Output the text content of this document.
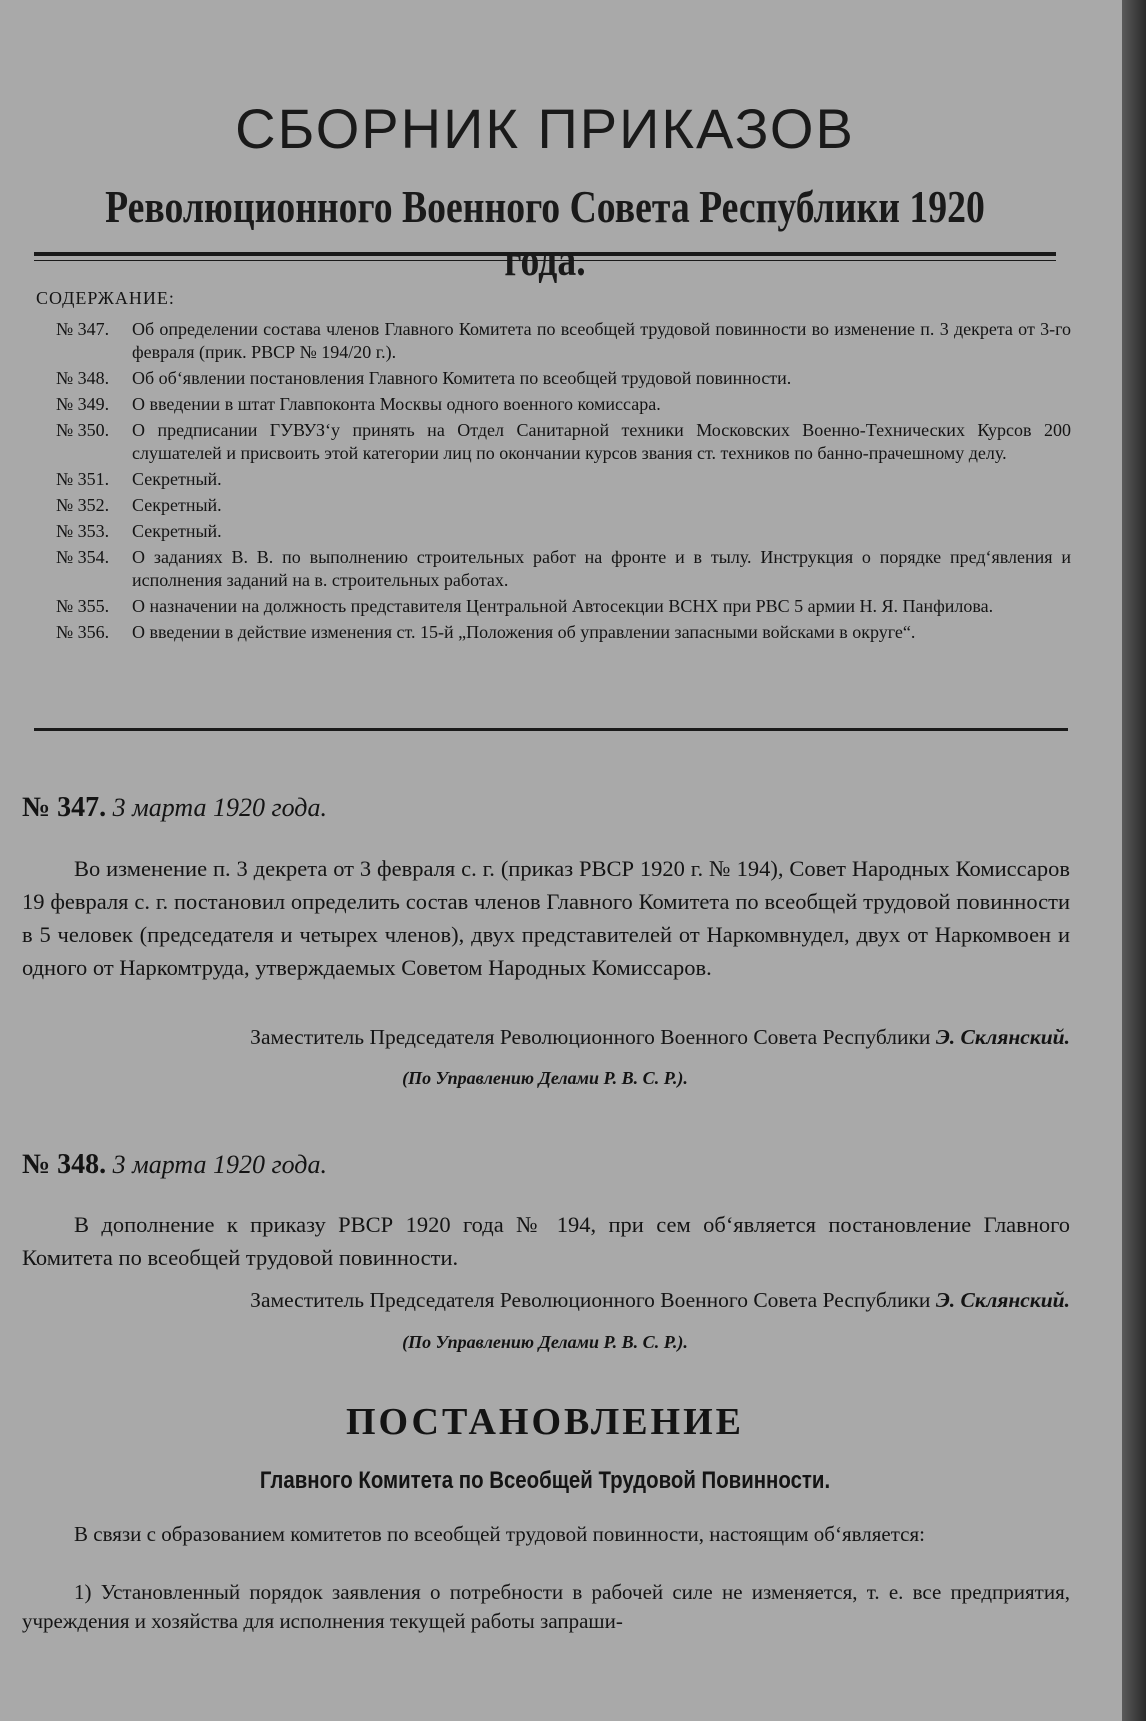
СБОРНИК ПРИКАЗОВ
Революционного Военного Совета Республики 1920
СОДЕРЖАНИЕ:
№ 347.	Об определении состава членов Главного Комитета по всеобщей трудовой повинности во изменение п. 3 декрета от 3-го февраля (прик. РВСР № 194/20 г.).
№ 348.	Об об‘явлении постановления Главного Комитета по всеобщей трудовой повинности.
№ 349.	О введении в штат Главпоконта Москвы одного военного комиссара.
№ 350.	О предписании ГУВУЗ‘у принять на Отдел Санитарной техники Московских Военно-Технических Курсов 200 слушателей и присвоить этой категории лиц по окончании курсов звания ст. техников по банно-прачешному делу.
№ 351.	Секретный.
№ 352.	Секретный.
№ 353.	Секретный.
№ 354.	О заданиях В. В. по выполнению строительных работ на фронте и в тылу. Инструкция о порядке пред‘явления и исполнения заданий на в. строительных работах.
№ 355.	О назначении на должность представителя Центральной Автосекции ВСНХ при РВС 5 армии Н. Я. Панфилова.
№ 356.	О введении в действие изменения ст. 15-й „Положения об управлении запасными войсками в округе“.
№ 347. 3 марта 1920 года.
Во изменение п. 3 декрета от 3 февраля с. г. (приказ РВСР 1920 г. № 194), Совет Народных Комиссаров 19 февраля с. г. постановил определить состав членов Главного Комитета по всеобщей трудовой повинности в 5 человек (председателя и четырех членов), двух представителей от Наркомвнудел, двух от Наркомвоен и одного от Наркомтруда, утверждаемых Советом Народных Комиссаров.
Заместитель Председателя Революционного Военного Совета Республики Э. Склянский.
(По Управлению Делами Р. В. С. Р.).
№ 348. 3 марта 1920 года.
В дополнение к приказу РВСР 1920 года № 194, при сем об‘является постановление Главного Комитета по всеобщей трудовой повинности.
Заместитель Председателя Революционного Военного Совета Республики Э. Склянский.
(По Управлению Делами Р. В. С. Р.).
ПОСТАНОВЛЕНИЕ
Главного Комитета по Всеобщей Трудовой Повинности.
В связи с образованием комитетов по всеобщей трудовой повинности, настоящим об‘является:
1) Установленный порядок заявления о потребности в рабочей силе не изменяется, т. е. все предприятия, учреждения и хозяйства для исполнения текущей работы запраши-
